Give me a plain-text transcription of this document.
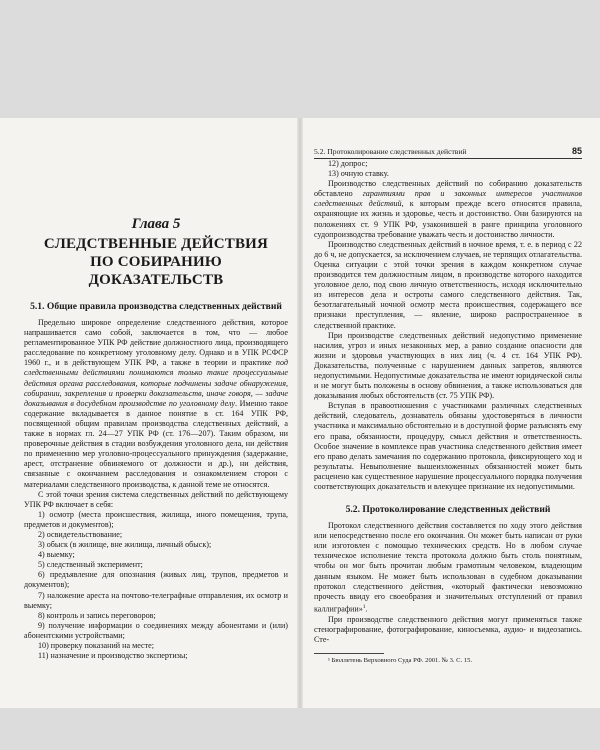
Глава 5
СЛЕДСТВЕННЫЕ ДЕЙСТВИЯ
ПО СОБИРАНИЮ ДОКАЗАТЕЛЬСТВ
5.1. Общие правила производства следственных действий

Предельно широкое определение следственного действия, которое напрашивается само собой, заключается в том, что — любое регламентированное УПК РФ действие должностного лица, производящего расследование по конкретному уголовному делу. Однако и в УПК РСФСР 1960 г., и в действующем УПК РФ, а также в теории и практике под следственными действиями понимаются только такие процессуальные действия органа расследования, которые подчинены задаче обнаружения, собирании, закрепления и проверки доказательств, иначе говоря, — задаче доказывания в досудебном производстве по уголовному делу. Именно такое содержание вкладывается в данное понятие в ст. 164 УПК РФ, посвященной общим правилам производства следственных действий, а также в нормах гл. 24—27 УПК РФ (ст. 176—207). Таким образом, ни проверочные действия в стадии возбуждения уголовного дела, ни действия по применению мер уголовно-процессуального принуждения (задержание, арест, отстранение обвиняемого от должности и др.), ни действия, связанные с окончанием расследования и ознакомлением сторон с материалами следственного производства, к данной теме не относятся.

С этой точки зрения система следственных действий по действующему УПК РФ включает в себя:

1) осмотр (места происшествия, жилища, иного помещения, трупа, предметов и документов);

2) освидетельствование;

3) обыск (в жилище, вне жилища, личный обыск);

4) выемку;

5) следственный эксперимент;

6) предъявление для опознания (живых лиц, трупов, предметов и документов);

7) наложение ареста на почтово-телеграфные отправления, их осмотр и выемку;

8) контроль и запись переговоров;

9) получение информации о соединениях между абонентами и (или) абонентскими устройствами;

10) проверку показаний на месте;

11) назначение и производство экспертизы;

5.2. Протоколирование следственных действий	85

12) допрос;

13) очную ставку.

Производство следственных действий по собиранию доказательств обставлено гарантиями прав и законных интересов участников следственных действий, к которым прежде всего относятся правила, охраняющие их жизнь и здоровье, честь и достоинство. Они базируются на положениях ст. 9 УПК РФ, узаконившей в ранге принципа уголовного судопроизводства требование уважать честь и достоинство личности.

Производство следственных действий в ночное время, т. е. в период с 22 до 6 ч, не допускается, за исключением случаев, не терпящих отлагательства. Оценка ситуации с этой точки зрения в каждом конкретном случае производится тем должностным лицом, в производстве которого находится уголовное дело, под свою личную ответственность, исходя исключительно из интересов дела и остроты самого следственного действия. Так, безотлагательный ночной осмотр места происшествия, содержащего все признаки преступления, — явление, широко распространенное в следственной практике.

При производстве следственных действий недопустимо применение насилия, угроз и иных незаконных мер, а равно создание опасности для жизни и здоровья участвующих в них лиц (ч. 4 ст. 164 УПК РФ). Доказательства, полученные с нарушением данных запретов, являются недопустимыми. Недопустимые доказательства не имеют юридической силы и не могут быть положены в основу обвинения, а также использоваться для доказывания любых обстоятельств (ст. 75 УПК РФ).

Вступая в правоотношения с участниками различных следственных действий, следователь, дознаватель обязаны удостоверяться в личности участника и максимально обстоятельно и в доступной форме разъяснять ему его права, обязанности, процедуру, смысл действия и ответственность. Особое значение в комплексе прав участника следственного действия имеет его право делать замечания по содержанию протокола, фиксирующего ход и результаты. Невыполнение вышеизложенных обязанностей может быть расценено как существенное нарушение процессуального порядка получения соответствующих доказательств и влекущее признание их недопустимыми.

5.2. Протоколирование следственных действий

Протокол следственного действия составляется по ходу этого действия или непосредственно после его окончания. Он может быть написан от руки или изготовлен с помощью технических средств. Но в любом случае техническое исполнение текста протокола должно быть столь понятным, чтобы он мог быть прочитан любым грамотным человеком, владеющим данным языком. Не может быть использован в судебном доказывании протокол следственного действия, «который фактически невозможно прочесть ввиду его своеобразия и значительных отступлений от правил каллиграфии»$^1$.

При производстве следственного действия могут применяться также стенографирование, фотографирование, киносъемка, аудио- и видеозапись. Сте-

¹ Бюллетень Верховного Суда РФ. 2001. № 3. С. 15.
